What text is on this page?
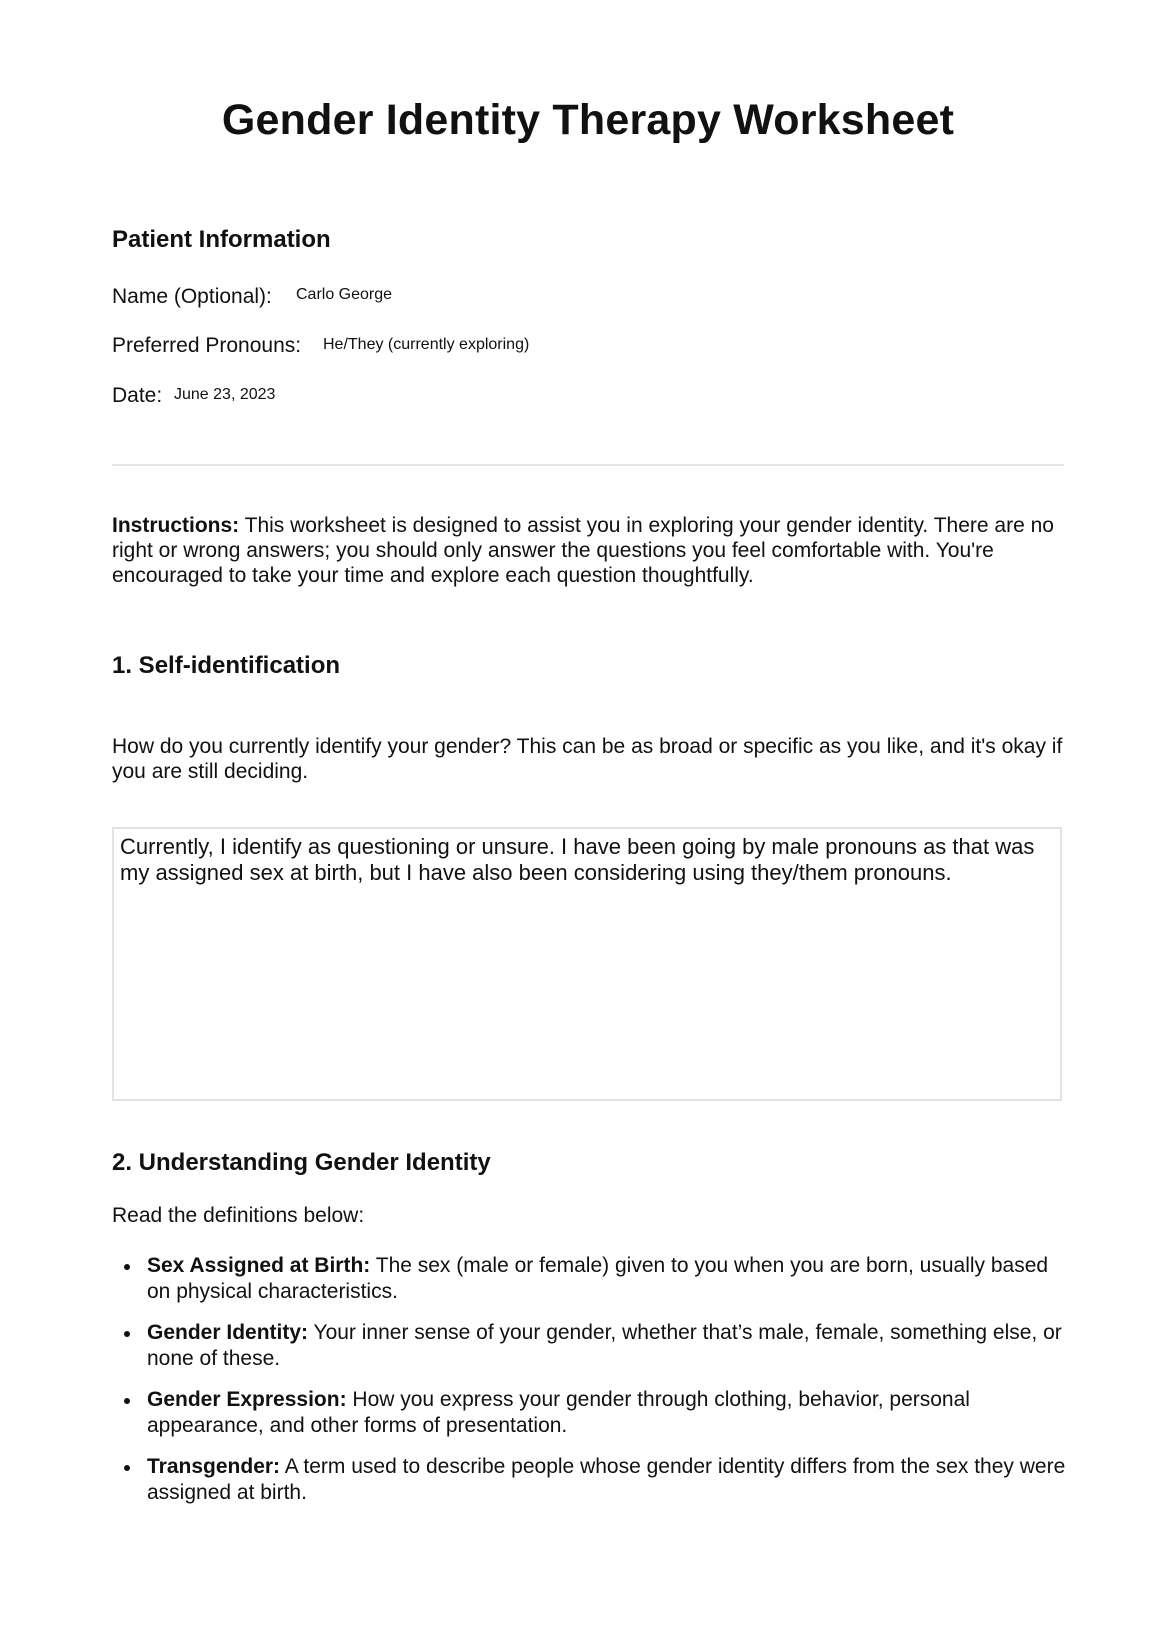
Gender Identity Therapy Worksheet
Patient Information
Name (Optional): Carlo George
Preferred Pronouns: He/They (currently exploring)
Date: June 23, 2023
Instructions: This worksheet is designed to assist you in exploring your gender identity. There are no right or wrong answers; you should only answer the questions you feel comfortable with. You're encouraged to take your time and explore each question thoughtfully.
1. Self-identification
How do you currently identify your gender? This can be as broad or specific as you like, and it's okay if you are still deciding.
Currently, I identify as questioning or unsure. I have been going by male pronouns as that was my assigned sex at birth, but I have also been considering using they/them pronouns.
2. Understanding Gender Identity
Read the definitions below:
Sex Assigned at Birth: The sex (male or female) given to you when you are born, usually based on physical characteristics.
Gender Identity: Your inner sense of your gender, whether that’s male, female, something else, or none of these.
Gender Expression: How you express your gender through clothing, behavior, personal appearance, and other forms of presentation.
Transgender: A term used to describe people whose gender identity differs from the sex they were assigned at birth.
